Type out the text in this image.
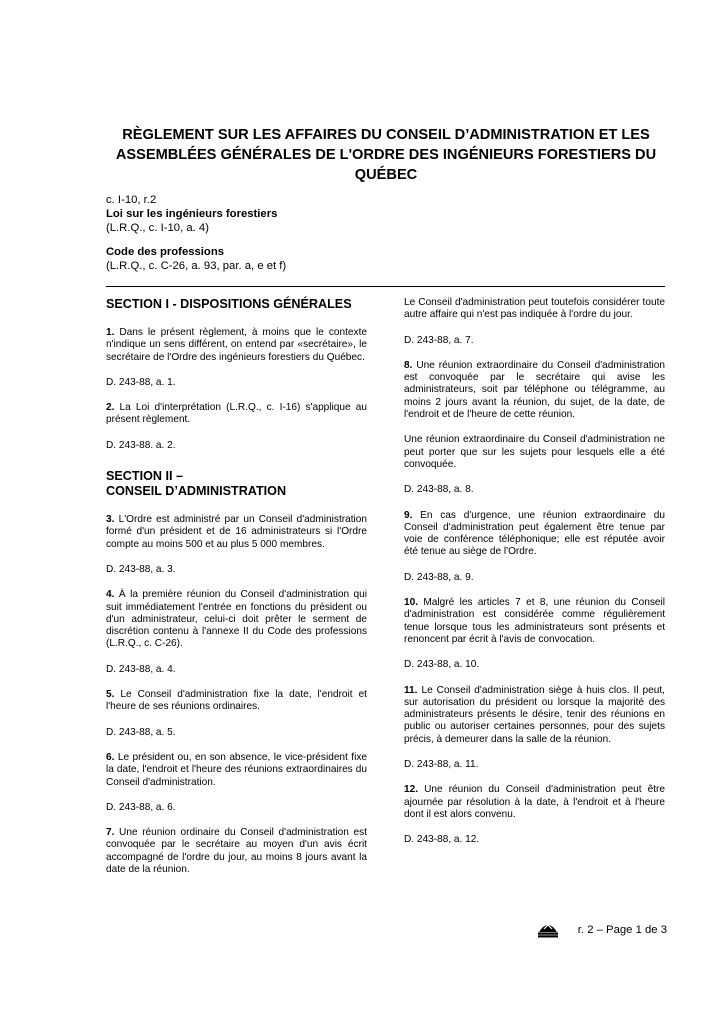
RÈGLEMENT SUR LES AFFAIRES DU CONSEIL D’ADMINISTRATION ET LES ASSEMBLÉES GÉNÉRALES DE L'ORDRE DES INGÉNIEURS FORESTIERS DU QUÉBEC
c. I-10, r.2
Loi sur les ingénieurs forestiers
(L.R.Q., c. I-10, a. 4)
Code des professions
(L.R.Q., c. C-26, a. 93, par. a, e et f)
SECTION I - DISPOSITIONS GÉNÉRALES

1. Dans le présent règlement, à moins que le contexte n'indique un sens différent, on entend par «secrétaire», le secrétaire de l'Ordre des ingénieurs forestiers du Québec.

D. 243-88, a. 1.

2. La Loi d'interprétation (L.R.Q., c. I-16) s'applique au présent règlement.

D. 243-88. a. 2.

SECTION II –
CONSEIL D’ADMINISTRATION

3. L'Ordre est administré par un Conseil d'administration formé d'un président et de 16 administrateurs si l'Ordre compte au moins 500 et au plus 5 000 membres.

D. 243-88, a. 3.

4. À la première réunion du Conseil d'administration qui suit immédiatement l'entrée en fonctions du président ou d'un administrateur, celui-ci doit prêter le serment de discrétion contenu à l'annexe II du Code des professions (L.R.Q., c. C-26).

D. 243-88, a. 4.

5. Le Conseil d'administration fixe la date, l'endroit et l'heure de ses réunions ordinaires.

D. 243-88, a. 5.

6. Le président ou, en son absence, le vice-président fixe la date, l'endroit et l'heure des réunions extraordinaires du Conseil d'administration.

D. 243-88, a. 6.

7. Une réunion ordinaire du Conseil d'administration est convoquée par le secrétaire au moyen d'un avis écrit accompagné de l'ordre du jour, au moins 8 jours avant la date de la réunion.

Le Conseil d'administration peut toutefois considérer toute autre affaire qui n'est pas indiquée à l'ordre du jour.

D. 243-88, a. 7.

8. Une réunion extraordinaire du Conseil d'administration est convoquée par le secrétaire qui avise les administrateurs, soit par téléphone ou télégramme, au moins 2 jours avant la réunion, du sujet, de la date, de l'endroit et de l'heure de cette réunion.

Une réunion extraordinaire du Conseil d'administration ne peut porter que sur les sujets pour lesquels elle a été convoquée.

D. 243-88, a. 8.

9. En cas d'urgence, une réunion extraordinaire du Conseil d'administration peut également être tenue par voie de conférence téléphonique; elle est réputée avoir été tenue au siège de l'Ordre.

D. 243-88, a. 9.

10. Malgré les articles 7 et 8, une réunion du Conseil d'administration est considérée comme régulièrement tenue lorsque tous les administrateurs sont présents et renoncent par écrit à l'avis de convocation.

D. 243-88, a. 10.

11. Le Conseil d'administration siège à huis clos. Il peut, sur autorisation du président ou lorsque la majorité des administrateurs présents le désire, tenir des réunions en public ou autoriser certaines personnes, pour des sujets précis, à demeurer dans la salle de la réunion.

D. 243-88, a. 11.

12. Une réunion du Conseil d'administration peut être ajournée par résolution à la date, à l'endroit et à l'heure dont il est alors convenu.

D. 243-88, a. 12.

r. 2 – Page 1 de 3
